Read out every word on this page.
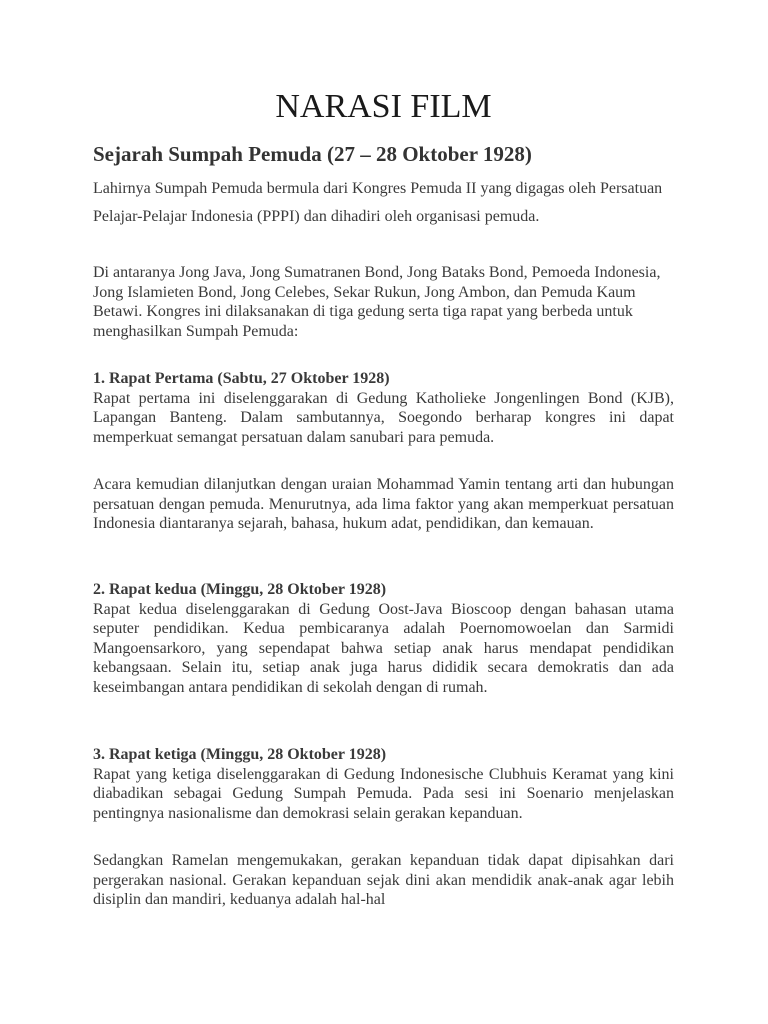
NARASI FILM
Sejarah Sumpah Pemuda (27 – 28 Oktober 1928)

Lahirnya Sumpah Pemuda bermula dari Kongres Pemuda II yang digagas oleh Persatuan Pelajar-Pelajar Indonesia (PPPI) dan dihadiri oleh organisasi pemuda.

Di antaranya Jong Java, Jong Sumatranen Bond, Jong Bataks Bond, Pemoeda Indonesia, Jong Islamieten Bond, Jong Celebes, Sekar Rukun, Jong Ambon, dan Pemuda Kaum Betawi. Kongres ini dilaksanakan di tiga gedung serta tiga rapat yang berbeda untuk menghasilkan Sumpah Pemuda:

1. Rapat Pertama (Sabtu, 27 Oktober 1928)
Rapat pertama ini diselenggarakan di Gedung Katholieke Jongenlingen Bond (KJB), Lapangan Banteng. Dalam sambutannya, Soegondo berharap kongres ini dapat memperkuat semangat persatuan dalam sanubari para pemuda.

Acara kemudian dilanjutkan dengan uraian Mohammad Yamin tentang arti dan hubungan persatuan dengan pemuda. Menurutnya, ada lima faktor yang akan memperkuat persatuan Indonesia diantaranya sejarah, bahasa, hukum adat, pendidikan, dan kemauan.

2. Rapat kedua (Minggu, 28 Oktober 1928)
Rapat kedua diselenggarakan di Gedung Oost-Java Bioscoop dengan bahasan utama seputer pendidikan. Kedua pembicaranya adalah Poernomowoelan dan Sarmidi Mangoensarkoro, yang sependapat bahwa setiap anak harus mendapat pendidikan kebangsaan. Selain itu, setiap anak juga harus dididik secara demokratis dan ada keseimbangan antara pendidikan di sekolah dengan di rumah.
3. Rapat ketiga (Minggu, 28 Oktober 1928)
Rapat yang ketiga diselenggarakan di Gedung Indonesische Clubhuis Keramat yang kini diabadikan sebagai Gedung Sumpah Pemuda. Pada sesi ini Soenario menjelaskan pentingnya nasionalisme dan demokrasi selain gerakan kepanduan.

Sedangkan Ramelan mengemukakan, gerakan kepanduan tidak dapat dipisahkan dari pergerakan nasional. Gerakan kepanduan sejak dini akan mendidik anak-anak agar lebih disiplin dan mandiri, keduanya adalah hal-hal
